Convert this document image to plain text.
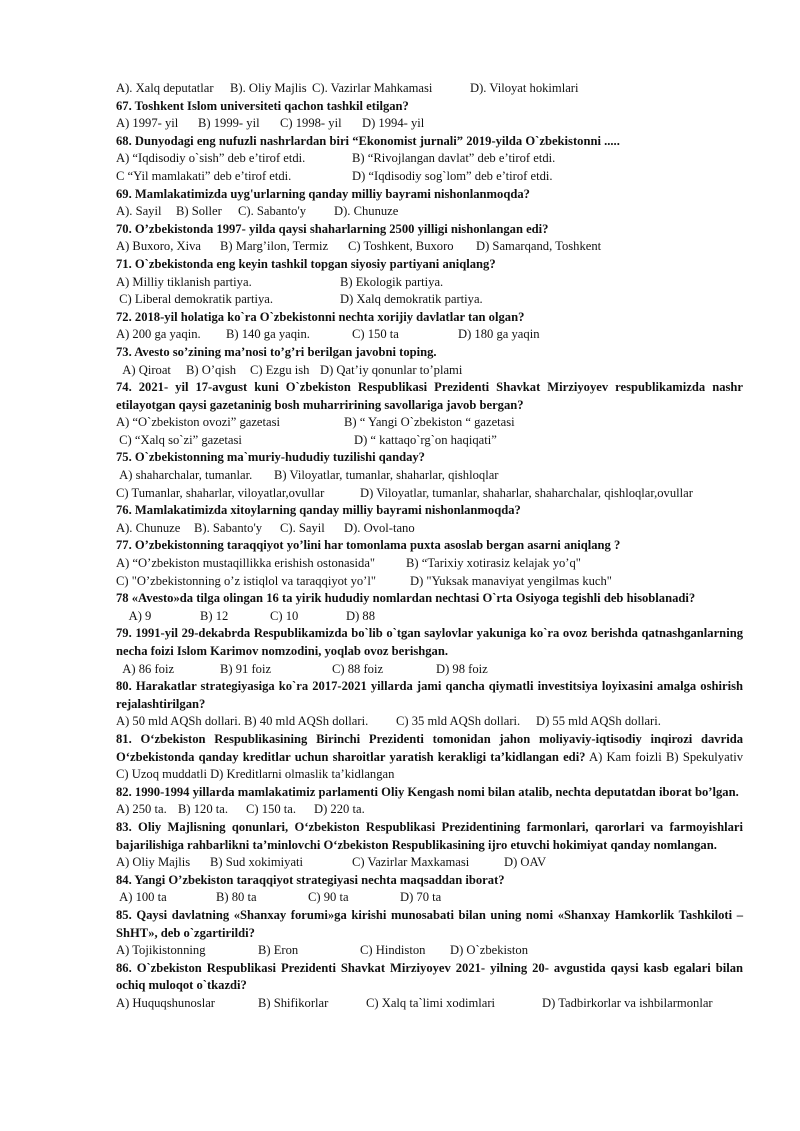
A). Xalq deputatlar B). Oliy Majlis C). Vazirlar Mahkamasi	D). Viloyat hokimlari
67. Toshkent Islom universiteti qachon tashkil etilgan?
A) 1997- yil B) 1999- yil C) 1998- yil D) 1994- yil
68. Dunyodagi eng nufuzli nashrlardan biri “Ekonomist jurnali” 2019-yilda O`zbekistonni .....
A) “Iqdisodiy o`sish” deb e’tirof etdi.	B) “Rivojlangan davlat” deb e’tirof etdi.
C “Yil mamlakati” deb e’tirof etdi.	D) “Iqdisodiy sog`lom” deb e’tirof etdi.
69. Mamlakatimizda uyg'urlarning qanday milliy bayrami nishonlanmoqda?
A). Sayil B) Soller C). Sabanto'y D). Chunuze
70. O’zbekistonda 1997- yilda qaysi shaharlarning 2500 yilligi nishonlangan edi?
A) Buxoro, Xiva B) Marg’ilon, Termiz C) Toshkent, Buxoro D) Samarqand, Toshkent
71. O`zbekistonda eng keyin tashkil topgan siyosiy partiyani aniqlang?
A) Milliy tiklanish partiya.	B) Ekologik partiya.
C) Liberal demokratik partiya.	D) Xalq demokratik partiya.
72. 2018-yil holatiga ko`ra O`zbekistonni nechta xorijiy davlatlar tan olgan?
A) 200 ga yaqin. B) 140 ga yaqin.	C) 150 ta	D) 180 ga yaqin
73. Avesto so’zining ma’nosi to’g’ri berilgan javobni toping.
A) Qiroat B) O’qish C) Ezgu ish D) Qat’iy qonunlar to’plami
74. 2021- yil 17-avgust kuni O`zbekiston Respublikasi Prezidenti Shavkat Mirziyoyev respublikamizda nashr etilayotgan qaysi gazetaninig bosh muharririning savollariga javob bergan?
A) “O`zbekiston ovozi” gazetasi	B) “ Yangi O`zbekiston “ gazetasi
C) “Xalq so`zi” gazetasi	D) “ kattaqo`rg`on haqiqati”
75. O`zbekistonning ma`muriy-hududiy tuzilishi qanday?
A) shaharchalar, tumanlar. B) Viloyatlar, tumanlar, shaharlar, qishloqlar
C) Tumanlar, shaharlar, viloyatlar,ovullar	D) Viloyatlar, tumanlar, shaharlar, shaharchalar, qishloqlar,ovullar
76. Mamlakatimizda xitoylarning qanday milliy bayrami nishonlanmoqda?
A). Chunuze B). Sabanto'y C). Sayil D). Ovol-tano
77. O’zbekistonning taraqqiyot yo’lini har tomonlama puxta asoslab bergan asarni aniqlang ?
A) “O’zbekiston mustaqillikka erishish ostonasida" B) “Tarixiy xotirasiz kelajak yo’q"
C) "O’zbekistonning o’z istiqlol va taraqqiyot yo’l"	D) "Yuksak manaviyat yengilmas kuch"
78 «Avesto»da tilga olingan 16 ta yirik hududiy nomlardan nechtasi O`rta Osiyoga tegishli deb hisoblanadi?
A) 9	B) 12	C) 10	D) 88
79. 1991-yil 29-dekabrda Respublikamizda bo`lib o`tgan saylovlar yakuniga ko`ra ovoz berishda qatnashganlarning necha foizi Islom Karimov nomzodini, yoqlab ovoz berishgan.
A) 86 foiz	B) 91 foiz	C) 88 foiz	D) 98 foiz
80. Harakatlar strategiyasiga ko`ra 2017-2021 yillarda jami qancha qiymatli investitsiya loyixasini amalga oshirish rejalashtirilgan?
A) 50 mld AQSh dollari. B) 40 mld AQSh dollari. C) 35 mld AQSh dollari. D) 55 mld AQSh dollari.
81. O‘zbekiston Respublikasining Birinchi Prezidenti tomonidan jahon moliyaviy-iqtisodiy inqirozi davrida O‘zbekistonda qanday kreditlar uchun sharoitlar yaratish kerakligi ta’kidlangan edi? A) Kam foizli B) Spekulyativ C) Uzoq muddatli D) Kreditlarni olmaslik ta’kidlangan
82. 1990-1994 yillarda mamlakatimiz parlamenti Oliy Kengash nomi bilan atalib, nechta deputatdan iborat bo’lgan.
A) 250 ta. B) 120 ta. C) 150 ta. D) 220 ta.
83. Oliy Majlisning qonunlari, O‘zbekiston Respublikasi Prezidentining farmonlari, qarorlari va farmoyishlari bajarilishiga rahbarlikni ta’minlovchi O‘zbekiston Respublikasining ijro etuvchi hokimiyat qanday nomlangan.
A) Oliy Majlis B) Sud xokimiyati	C) Vazirlar Maxkamasi	D) OAV
84. Yangi O’zbekiston taraqqiyot strategiyasi nechta maqsaddan iborat?
A) 100 ta	B) 80 ta	C) 90 ta	D) 70 ta
85. Qaysi davlatning «Shanxay forumi»ga kirishi munosabati bilan uning nomi «Shanxay Hamkorlik Tashkiloti – ShHT», deb o`zgartirildi?
A) Tojikistonning	B) Eron	C) Hindiston D) O`zbekiston
86. O`zbekiston Respublikasi Prezidenti Shavkat Mirziyoyev 2021- yilning 20- avgustida qaysi kasb egalari bilan ochiq muloqot o`tkazdi?
A) Huquqshunoslar	B) Shifikorlar	C) Xalq ta`limi xodimlari	D) Tadbirkorlar va ishbilarmonlar
